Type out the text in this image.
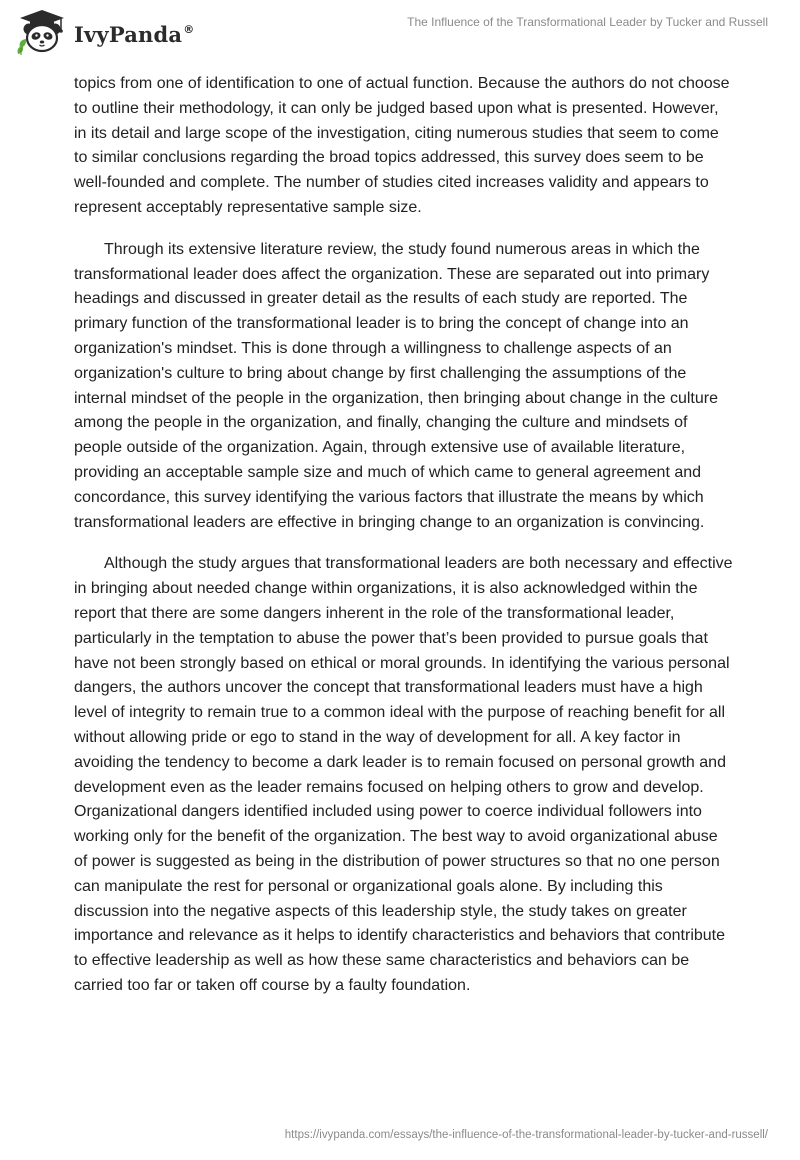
IvyPanda®	The Influence of the Transformational Leader by Tucker and Russell

topics from one of identification to one of actual function. Because the authors do not choose to outline their methodology, it can only be judged based upon what is presented. However, in its detail and large scope of the investigation, citing numerous studies that seem to come to similar conclusions regarding the broad topics addressed, this survey does seem to be well-founded and complete. The number of studies cited increases validity and appears to represent acceptably representative sample size.

Through its extensive literature review, the study found numerous areas in which the transformational leader does affect the organization. These are separated out into primary headings and discussed in greater detail as the results of each study are reported. The primary function of the transformational leader is to bring the concept of change into an organization's mindset. This is done through a willingness to challenge aspects of an organization's culture to bring about change by first challenging the assumptions of the internal mindset of the people in the organization, then bringing about change in the culture among the people in the organization, and finally, changing the culture and mindsets of people outside of the organization. Again, through extensive use of available literature, providing an acceptable sample size and much of which came to general agreement and concordance, this survey identifying the various factors that illustrate the means by which transformational leaders are effective in bringing change to an organization is convincing.

Although the study argues that transformational leaders are both necessary and effective in bringing about needed change within organizations, it is also acknowledged within the report that there are some dangers inherent in the role of the transformational leader, particularly in the temptation to abuse the power that’s been provided to pursue goals that have not been strongly based on ethical or moral grounds. In identifying the various personal dangers, the authors uncover the concept that transformational leaders must have a high level of integrity to remain true to a common ideal with the purpose of reaching benefit for all without allowing pride or ego to stand in the way of development for all. A key factor in avoiding the tendency to become a dark leader is to remain focused on personal growth and development even as the leader remains focused on helping others to grow and develop. Organizational dangers identified included using power to coerce individual followers into working only for the benefit of the organization. The best way to avoid organizational abuse of power is suggested as being in the distribution of power structures so that no one person can manipulate the rest for personal or organizational goals alone. By including this discussion into the negative aspects of this leadership style, the study takes on greater importance and relevance as it helps to identify characteristics and behaviors that contribute to effective leadership as well as how these same characteristics and behaviors can be carried too far or taken off course by a faulty foundation.

https://ivypanda.com/essays/the-influence-of-the-transformational-leader-by-tucker-and-russell/
